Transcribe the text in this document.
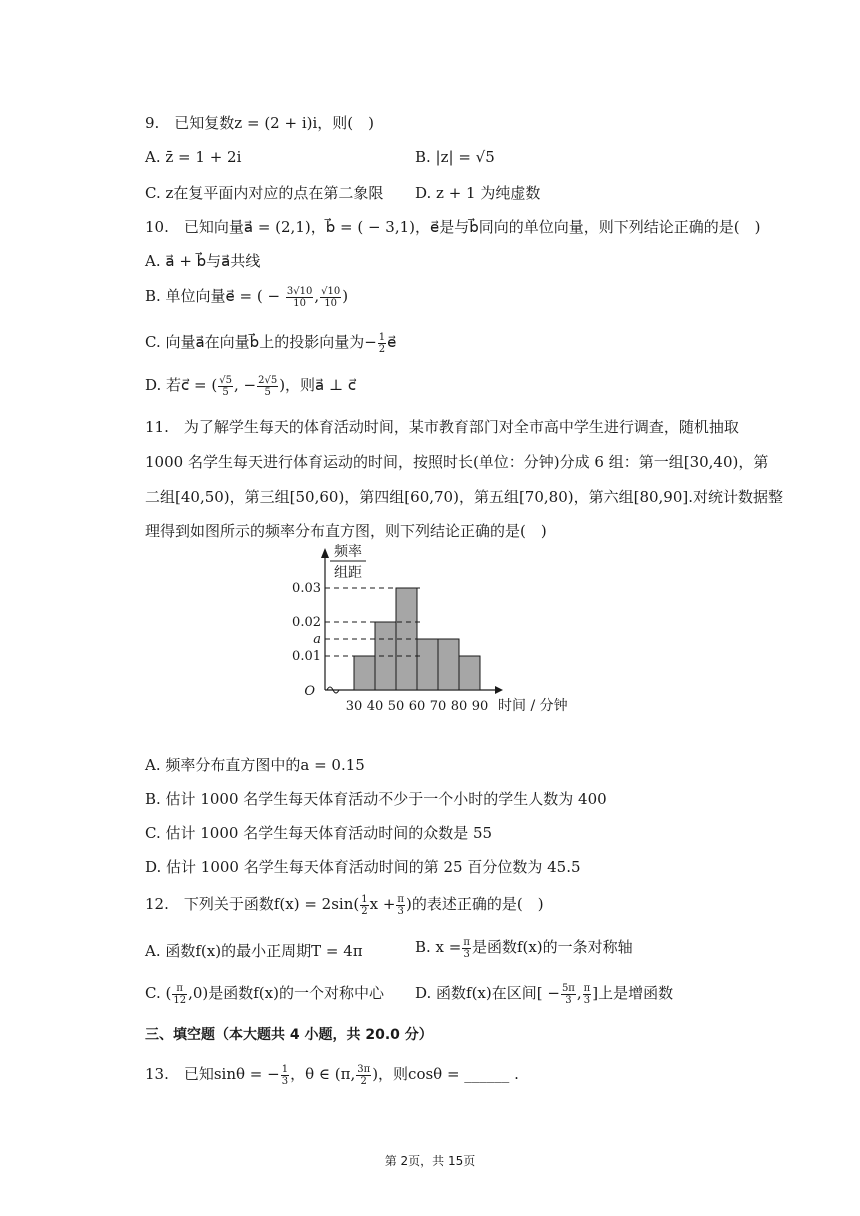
9.　已知复数z = (2 + i)i，则(　)
A. z̄ = 1 + 2i	B. |z| = √5
C. z在复平面内对应的点在第二象限 D. z + 1 为纯虚数
10.　已知向量a⃗ = (2,1)，b⃗ = ( − 3,1)，e⃗是与b⃗同向的单位向量，则下列结论正确的是(　)
A. a⃗ + b⃗与a⃗共线
B. 单位向量e⃗ = ( − $\frac{3√10}{10}$ , $\frac{√10}{10}$ )
C. 向量a⃗在向量b⃗上的投影向量为− $\frac{1}{2}$ e⃗
D. 若c⃗ = ( $\frac{√5}{5}$ , − $\frac{2√5}{5}$ )，则a⃗ ⊥ c⃗
11.　为了解学生每天的体育活动时间，某市教育部门对全市高中学生进行调查，随机抽取
1000 名学生每天进行体育运动的时间，按照时长(单位：分钟)分成 6 组：第一组[30,40)，第
二组[40,50)，第三组[50,60)，第四组[60,70)，第五组[70,80)，第六组[80,90].对统计数据整
理得到如图所示的频率分布直方图，则下列结论正确的是(　)
0.03
0.02
a
0.01
30 40 50 60 70 80 90
O
时间 / 分钟
频率
组距
A. 频率分布直方图中的a = 0.15
B. 估计 1000 名学生每天体育活动不少于一个小时的学生人数为 400
C. 估计 1000 名学生每天体育活动时间的众数是 55
D. 估计 1000 名学生每天体育活动时间的第 25 百分位数为 45.5
12.　下列关于函数$f(x) = 2\sin( \frac{1}{2}$ $x + \frac{\pi}{3}$ )的表述正确的是(　)
A. 函数f(x)的最小正周期T = 4π	B. $x = \frac{\pi}{3}$ 是函数f(x)的一条对称轴
C. ( $\frac{\pi}{12} ,0$)是函数f(x)的一个对称中心 D. 函数f(x)在区间[ − $\frac{5\pi}{3}$ , $\frac{\pi}{3}$ ]上是增函数
三、填空题（本大题共 4 小题，共 20.0 分）
13.　已知sinθ = − $\frac{1}{3}$ ，θ ∈ (π, $\frac{3\pi}{2}$ )，则cosθ = ______ .
第 2页，共 15页
